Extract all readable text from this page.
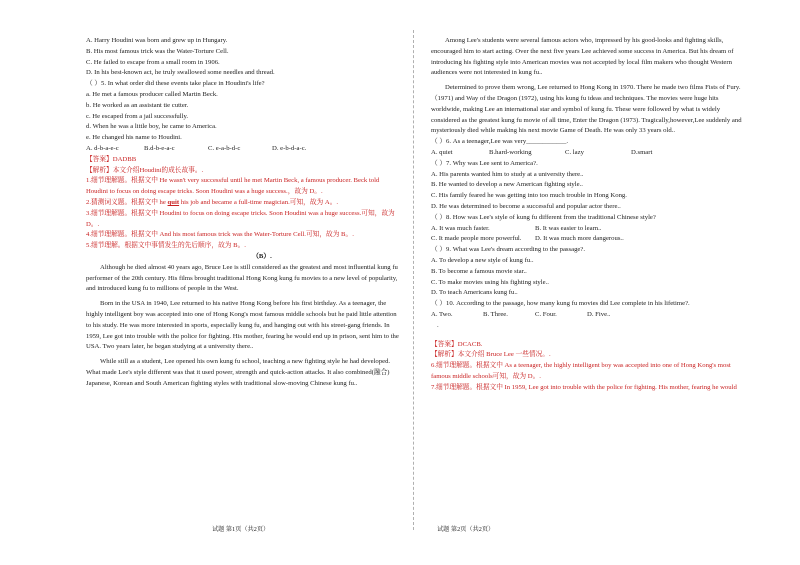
A. Harry Houdini was born and grew up in Hungary.
B. His most famous trick was the Water-Torture Cell.
C. He failed to escape from a small room in 1906.
D. In his best-known act, he truly swallowed some needles and thread.
（ ）5. In what order did these events take place in Houdini's life?
a. He met a famous producer called Martin Beck.
b. He worked as an assistant tie cutter.
c. He escaped from a jail successfully.
d. When he was a little boy, he came to America.
e. He changed his name to Houdini.
A. d-b-a-e-c	B.d-b-e-a-c	C. e-a-b-d-c	D. e-b-d-a-c.
【答案】DADBB
【解析】本文介绍Houdini的成长故事。.
1.细节理解题。根据文中 He wasn't very successful until he met Martin Beck, a famous producer. Beck told
Houdini to focus on doing escape tricks. Soon Houdini was a huge success.，故为 D。.
2.猜测词义题。根据文中 he quit his job and became a full-time magician.可知，故为 A。.
3.细节理解题。根据文中 Houdini to focus on doing escape tricks. Soon Houdini was a huge success.可知，故为
D。.
4.细节理解题。根据文中 And his most famous trick was the Water-Torture Cell.可知，故为 B。.
5.细节理解。根据文中事情发生的先后顺序，故为 B。.
（B）.
Although he died almost 40 years ago, Bruce Lee is still considered as the greatest and most influential kung fu
performer of the 20th century. His films brought traditional Hong Kong kung fu movies to a new level of popularity,
and introduced kung fu to millions of people in the West.
Born in the USA in 1940, Lee returned to his native Hong Kong before his first birthday. As a teenager, the
highly intelligent boy was accepted into one of Hong Kong's most famous middle schools but he paid little attention
to his study. He was more interested in sports, especially kung fu, and hanging out with his street-gang friends. In
1959, Lee got into trouble with the police for fighting. His mother, fearing he would end up in prison, sent him to the
USA. Two years later, he began studying at a university there..
While still as a student, Lee opened his own kung fu school, teaching a new fighting style he had developed.
What made Lee's style different was that it used power, strength and quick-action attacks. It also combined(融合)
Japanese, Korean and South American fighting styles with traditional slow-moving Chinese kung fu..
Among Lee's students were several famous actors who, impressed by his good-looks and fighting skills,
encouraged him to start acting. Over the next five years Lee achieved some success in America. But his dream of
introducing his fighting style into American movies was not accepted by local film makers who thought Western
audiences were not interested in kung fu..
Determined to prove them wrong, Lee returned to Hong Kong in 1970. There he made two films Fists of Fury.
（1971) and Way of the Dragon (1972), using his kung fu ideas and techniques. The movies were huge hits
worldwide, making Lee an international star and symbol of kung fu. These were followed by what is widely
considered as the greatest kung fu movie of all time, Enter the Dragon (1973). Tragically,however,Lee suddenly and
mysteriously died while making his next movie Game of Death. He was only 33 years old..
（ ）6. As a teenager,Lee was very____________.
A. quiet	B.hard-working	C. lazy	D.smart
（ ）7. Why was Lee sent to America?.
A. His parents wanted him to study at a university there..
B. He wanted to develop a new American fighting style..
C. His family feared he was getting into too much trouble in Hong Kong.
D. He was determined to become a successful and popular actor there..
（ ）8. How was Lee's style of kung fu different from the traditional Chinese style?
A. It was much faster.	B. It was easier to learn..
C. It made people more powerful.	D. It was much more dangerous..
（ ）9. What was Lee's dream according to the passage?.
A. To develop a new style of kung fu..
B. To become a famous movie star..
C. To make movies using his fighting style..
D. To teach Americans kung fu..
（ ）10. According to the passage, how many kung fu movies did Lee complete in his lifetime?.
A. Two.	B. Three.	C. Four.	D. Five..
.
【答案】DCACB.
【解析】本文介绍 Bruce Lee 一些情况。.
6.细节理解题。根据文中 As a teenager, the highly intelligent boy was accepted into one of Hong Kong's most
famous middle schools可知，故为 D。.
7.细节理解题。根据文中 In 1959, Lee got into trouble with the police for fighting. His mother, fearing he would
试题 第1页（共2页）	试题 第2页（共2页）
